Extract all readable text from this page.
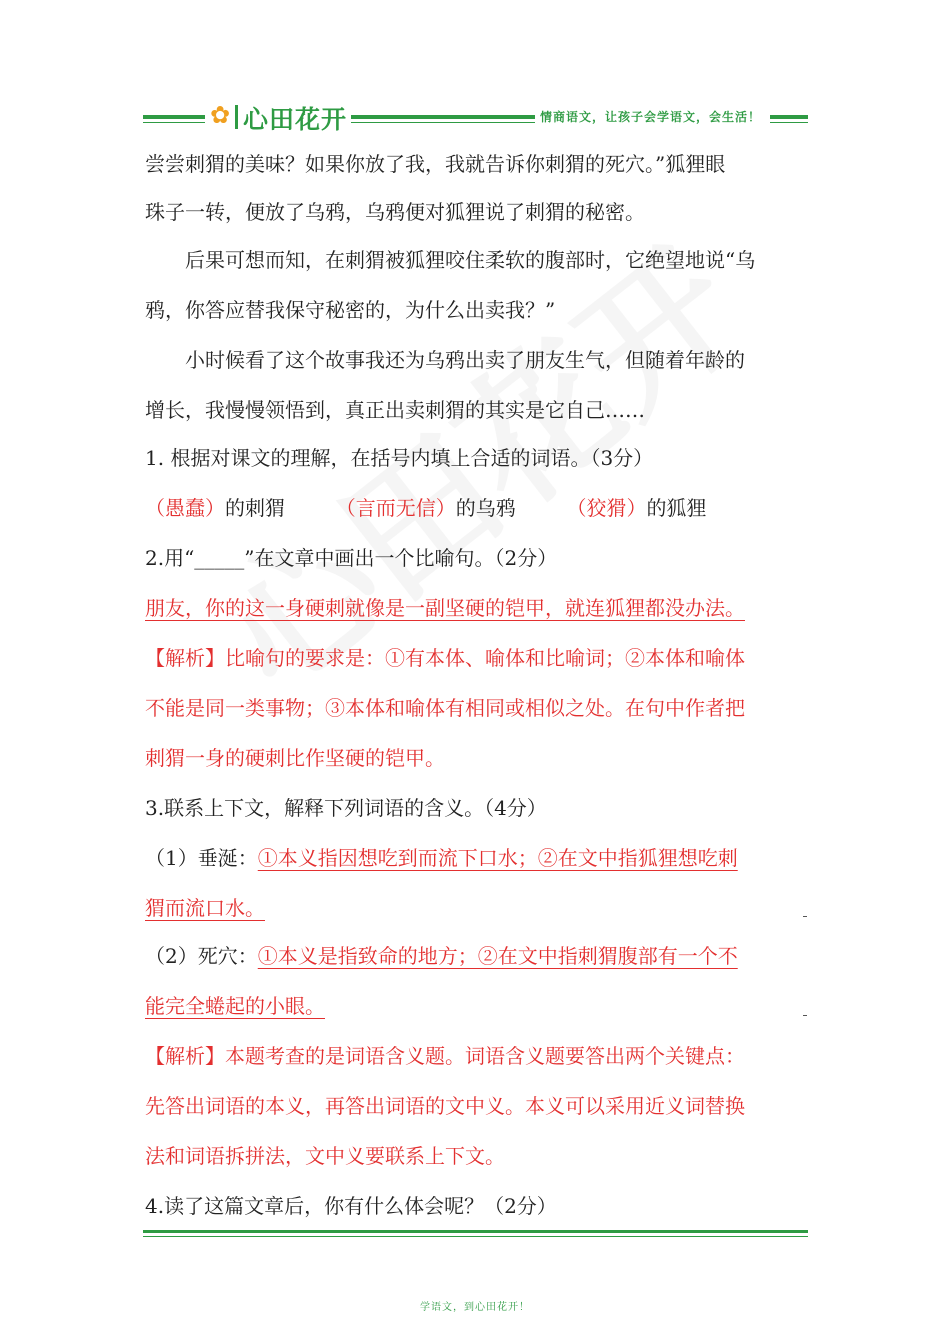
✿ 心田花开	情商语文，让孩子会学语文，会生活！
尝尝刺猬的美味？如果你放了我，我就告诉你刺猬的死穴。”狐狸眼
珠子一转，便放了乌鸦，乌鸦便对狐狸说了刺猬的秘密。
后果可想而知，在刺猬被狐狸咬住柔软的腹部时，它绝望地说“乌
鸦，你答应替我保守秘密的，为什么出卖我？”
小时候看了这个故事我还为乌鸦出卖了朋友生气，但随着年龄的
增长，我慢慢领悟到，真正出卖刺猬的其实是它自己……
1. 根据对课文的理解，在括号内填上合适的词语。（3分）
（愚蠢）的刺猬	（言而无信）的乌鸦	（狡猾）的狐狸
2.用“_____”在文章中画出一个比喻句。（2分）
朋友，你的这一身硬刺就像是一副坚硬的铠甲，就连狐狸都没办法。
【解析】比喻句的要求是：①有本体、喻体和比喻词；②本体和喻体
不能是同一类事物；③本体和喻体有相同或相似之处。在句中作者把
刺猬一身的硬刺比作坚硬的铠甲。
3.联系上下文，解释下列词语的含义。（4分）
（1）垂涎：①本义指因想吃到而流下口水；②在文中指狐狸想吃刺
猬而流口水。
（2）死穴：①本义是指致命的地方；②在文中指刺猬腹部有一个不
能完全蜷起的小眼。
【解析】本题考查的是词语含义题。词语含义题要答出两个关键点：
先答出词语的本义，再答出词语的文中义。本义可以采用近义词替换
法和词语拆拼法，文中义要联系上下文。
4.读了这篇文章后，你有什么体会呢？（2分）
学语文，到心田花开！
